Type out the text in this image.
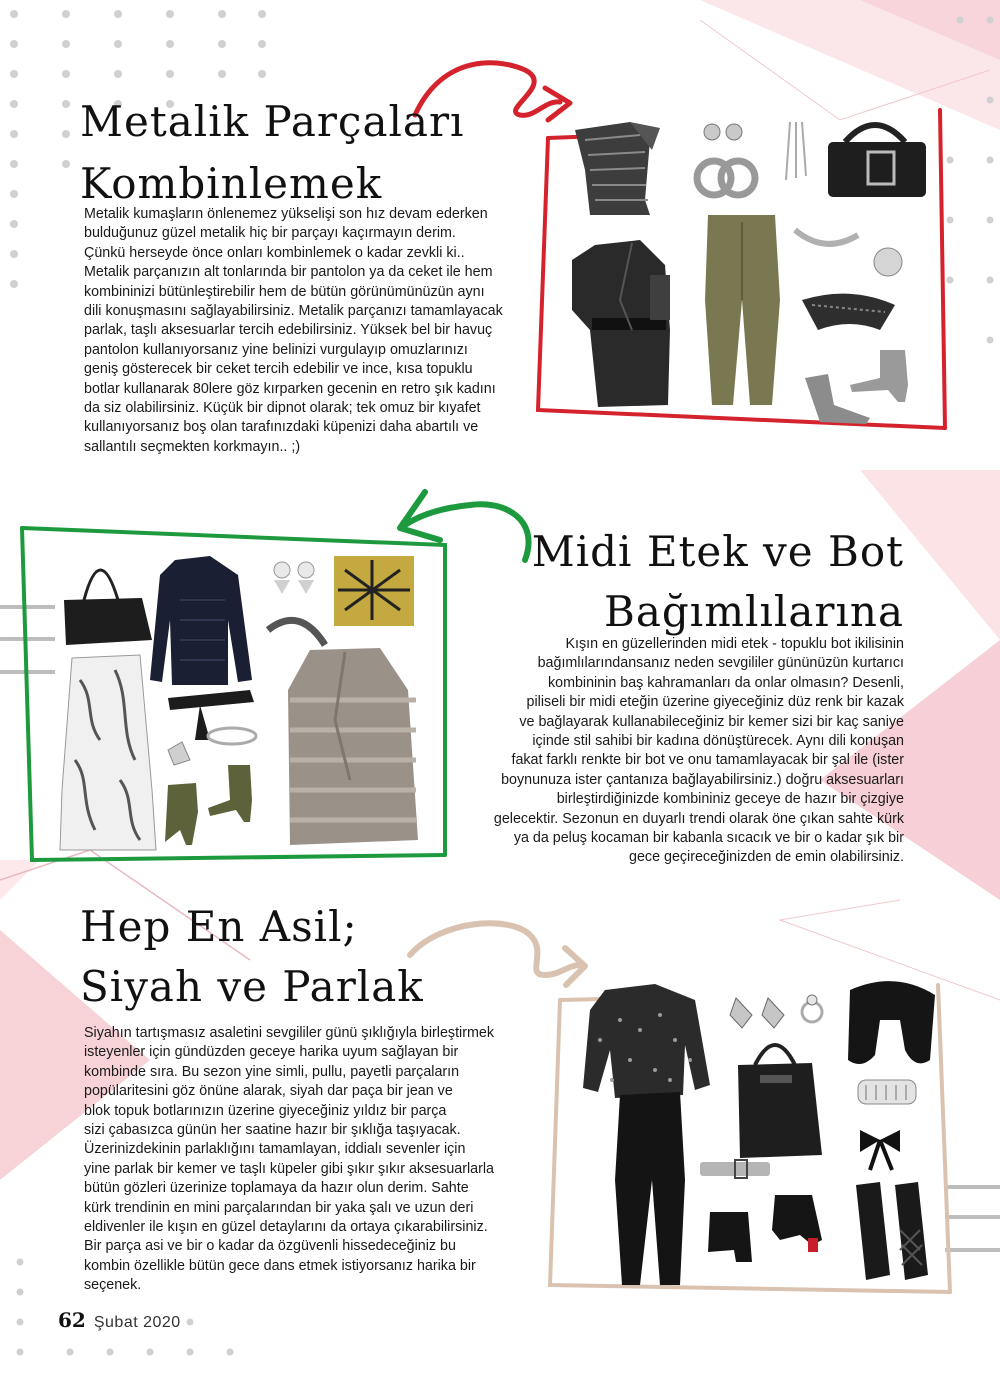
Metalik Parçaları
Kombinlemek
Metalik kumaşların önlenemez yükselişi son hız devam ederken
bulduğunuz güzel metalik hiç bir parçayı kaçırmayın derim.
Çünkü herseyde önce onları kombinlemek o kadar zevkli ki..
Metalik parçanızın alt tonlarında bir pantolon ya da ceket ile hem
kombininizi bütünleştirebilir hem de bütün görünümünüzün aynı
dili konuşmasını sağlayabilirsiniz. Metalik parçanızı tamamlayacak
parlak, taşlı aksesuarlar tercih edebilirsiniz. Yüksek bel bir havuç
pantolon kullanıyorsanız yine belinizi vurgulayıp omuzlarınızı
geniş gösterecek bir ceket tercih edebilir ve ince, kısa topuklu
botlar kullanarak 80lere göz kırparken gecenin en retro şık kadını
da siz olabilirsiniz. Küçük bir dipnot olarak; tek omuz bir kıyafet
kullanıyorsanız boş olan tarafınızdaki küpenizi daha abartılı ve
sallantılı seçmekten korkmayın.. ;)
Midi Etek ve Bot
Bağımlılarına
Kışın en güzellerinden midi etek - topuklu bot ikilisinin
bağımlılarındansanız neden sevgililer gününüzün kurtarıcı
kombininin baş kahramanları da onlar olmasın? Desenli,
piliseli bir midi eteğin üzerine giyeceğiniz düz renk bir kazak
ve bağlayarak kullanabileceğiniz bir kemer sizi bir kaç saniye
içinde stil sahibi bir kadına dönüştürecek. Aynı dili konuşan
fakat farklı renkte bir bot ve onu tamamlayacak bir şal ile (ister
boynunuza ister çantanıza bağlayabilirsiniz.) doğru aksesuarları
birleştirdiğinizde kombininiz geceye de hazır bir çizgiye
gelecektir. Sezonun en duyarlı trendi olarak öne çıkan sahte kürk
ya da peluş kocaman bir kabanla sıcacık ve bir o kadar şık bir
gece geçireceğinizden de emin olabilirsiniz.
Hep En Asil;
Siyah ve Parlak
Siyahın tartışmasız asaletini sevgililer günü şıklığıyla birleştirmek
isteyenler için gündüzden geceye harika uyum sağlayan bir
kombinde sıra. Bu sezon yine simli, pullu, payetli parçaların
popülaritesini göz önüne alarak, siyah dar paça bir jean ve
blok topuk botlarınızın üzerine giyeceğiniz yıldız bir parça
sizi çabasızca günün her saatine hazır bir şıklığa taşıyacak.
Üzerinizdekinin parlaklığını tamamlayan, iddialı sevenler için
yine parlak bir kemer ve taşlı küpeler gibi şıkır şıkır aksesuarlarla
bütün gözleri üzerinize toplamaya da hazır olun derim. Sahte
kürk trendinin en mini parçalarından bir yaka şalı ve uzun deri
eldivenler ile kışın en güzel detaylarını da ortaya çıkarabilirsiniz.
Bir parça asi ve bir o kadar da özgüvenli hissedeceğiniz bu
kombin özellikle bütün gece dans etmek istiyorsanız harika bir
seçenek.
62 Şubat 2020
